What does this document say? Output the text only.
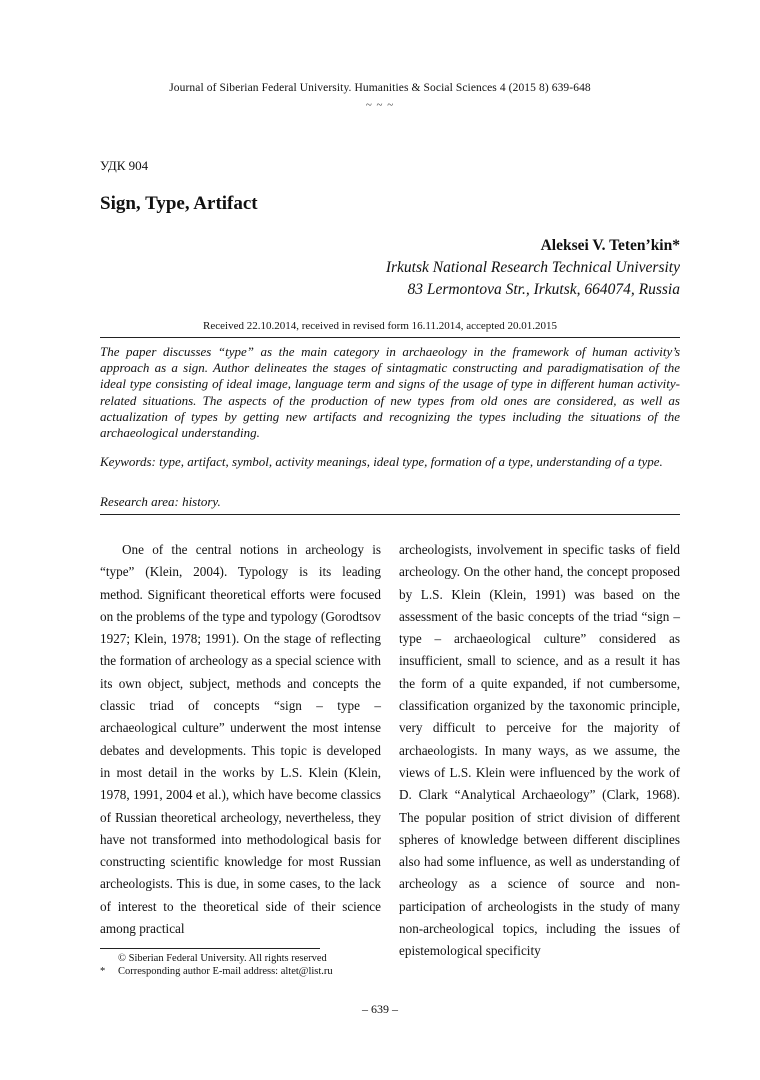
Journal of Siberian Federal University. Humanities & Social Sciences 4 (2015 8) 639-648
~ ~ ~
УДК 904
Sign, Type, Artifact
Aleksei V. Teten’kin*
Irkutsk National Research Technical University
83 Lermontova Str., Irkutsk, 664074, Russia
Received 22.10.2014, received in revised form 16.11.2014, accepted 20.01.2015
The paper discusses “type” as the main category in archaeology in the framework of human activity’s approach as a sign. Author delineates the stages of sintagmatic constructing and paradigmatisation of the ideal type consisting of ideal image, language term and signs of the usage of type in different human activity-related situations. The aspects of the production of new types from old ones are considered, as well as actualization of types by getting new artifacts and recognizing the types including the situations of the archaeological understanding.
Keywords: type, artifact, symbol, activity meanings, ideal type, formation of a type, understanding of a type.
Research area: history.

One of the central notions in archeology is “type” (Klein, 2004). Typology is its leading method. Significant theoretical efforts were focused on the problems of the type and typology (Gorodtsov 1927; Klein, 1978; 1991). On the stage of reflecting the formation of archeology as a special science with its own object, subject, methods and concepts the classic triad of concepts “sign – type – archaeological culture” underwent the most intense debates and developments. This topic is developed in most detail in the works by L.S. Klein (Klein, 1978, 1991, 2004 et al.), which have become classics of Russian theoretical archeology, nevertheless, they have not transformed into methodological basis for constructing scientific knowledge for most Russian archeologists. This is due, in some cases, to the lack of interest to the theoretical side of their science among practical

archeologists, involvement in specific tasks of field archeology. On the other hand, the concept proposed by L.S. Klein (Klein, 1991) was based on the assessment of the basic concepts of the triad “sign – type – archaeological culture” considered as insufficient, small to science, and as a result it has the form of a quite expanded, if not cumbersome, classification organized by the taxonomic principle, very difficult to perceive for the majority of archaeologists. In many ways, as we assume, the views of L.S. Klein were influenced by the work of D. Clark “Analytical Archaeology” (Clark, 1968). The popular position of strict division of different spheres of knowledge between different disciplines also had some influence, as well as understanding of archeology as a science of source and non-participation of archeologists in the study of many non-archeological topics, including the issues of epistemological specificity

© Siberian Federal University. All rights reserved
* Corresponding author E-mail address: altet@list.ru
– 639 –
